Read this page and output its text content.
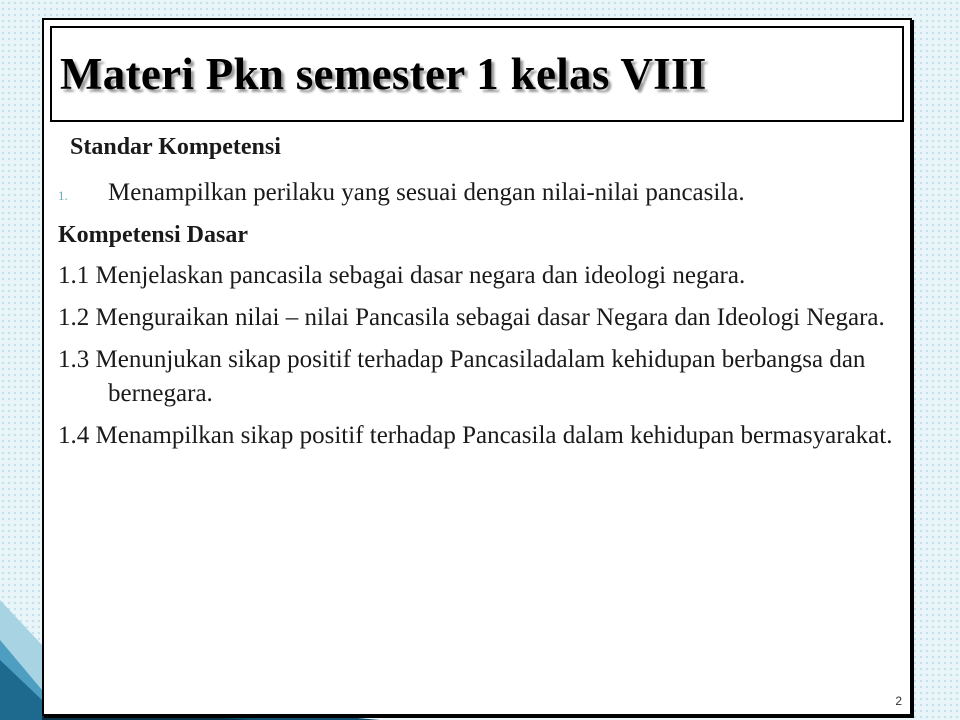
Materi Pkn semester 1 kelas VIII
Standar Kompetensi
1. Menampilkan perilaku yang sesuai dengan nilai-nilai pancasila.
Kompetensi Dasar
1.1 Menjelaskan pancasila sebagai dasar negara dan ideologi negara.
1.2 Menguraikan nilai – nilai Pancasila sebagai dasar Negara dan Ideologi Negara.
1.3 Menunjukan sikap positif terhadap Pancasiladalam kehidupan berbangsa dan bernegara.
1.4 Menampilkan sikap positif terhadap Pancasila dalam kehidupan bermasyarakat.
2
